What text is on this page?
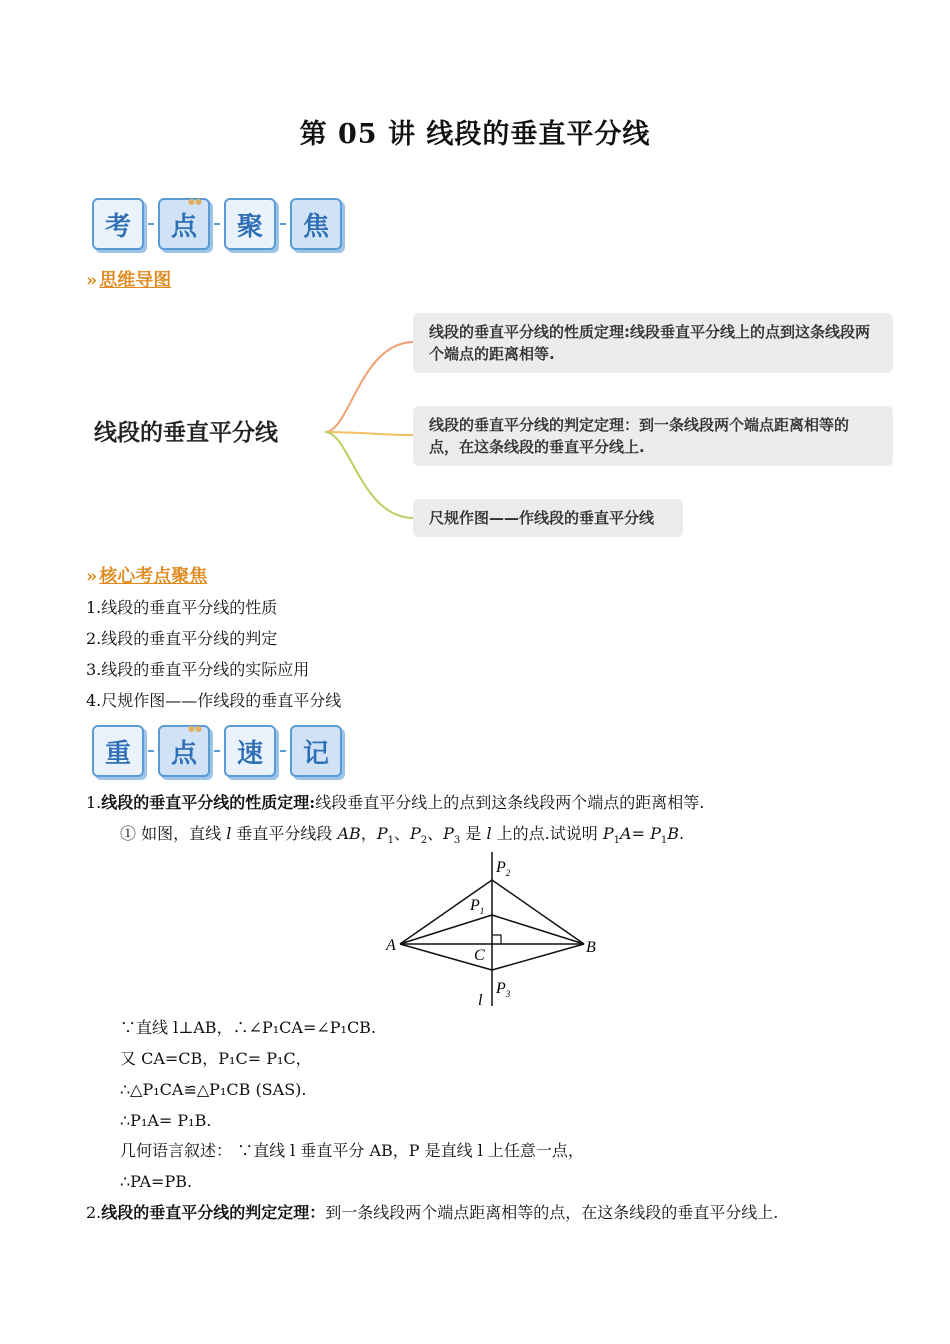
第 05 讲 线段的垂直平分线
考
●●
点 聚 焦
» 思维导图
线段的垂直平分线
线段的垂直平分线的性质定理:线段垂直平分线上的点到这条线段两个端点的距离相等.
线段的垂直平分线的判定定理：到一条线段两个端点距离相等的点，在这条线段的垂直平分线上.
尺规作图——作线段的垂直平分线
» 核心考点聚焦
1.线段的垂直平分线的性质
2.线段的垂直平分线的判定
3.线段的垂直平分线的实际应用
4.尺规作图——作线段的垂直平分线
重
●●
点 速 记
1.线段的垂直平分线的性质定理:线段垂直平分线上的点到这条线段两个端点的距离相等.
① 如图，直线 l 垂直平分线段 AB，$P_1$、$P_2$、$P_3$ 是 l 上的点.试说明 $P_1A= P_1B$.
$P_2$
$P_1$
A	B
C
$P_3$
l
∵直线 l⊥AB，∴∠P₁CA=∠P₁CB.
又 CA=CB，P₁C= P₁C，
∴△P₁CA≌△P₁CB (SAS).
∴P₁A= P₁B.
几何语言叙述： ∵直线 l 垂直平分 AB，P 是直线 l 上任意一点，
∴PA=PB.
2.线段的垂直平分线的判定定理：到一条线段两个端点距离相等的点，在这条线段的垂直平分线上.
